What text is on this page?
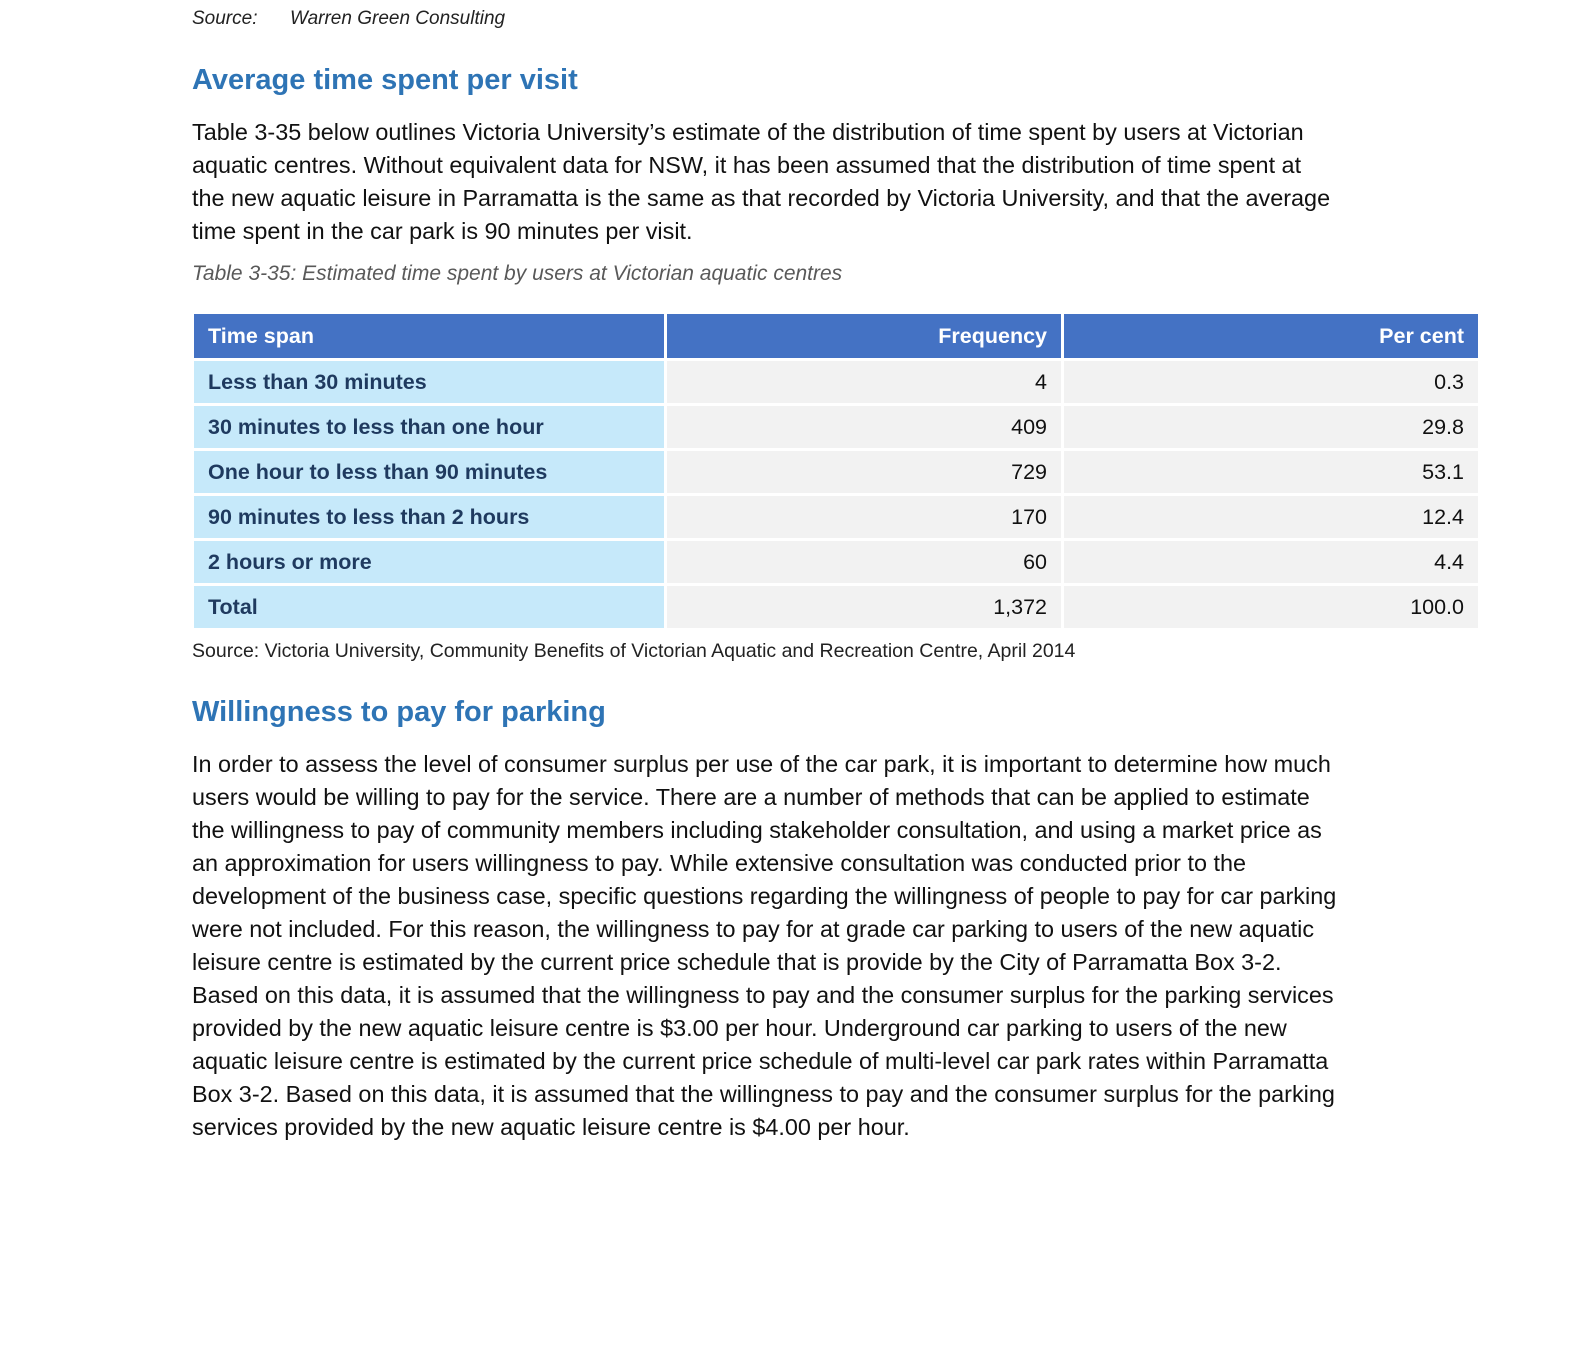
Source: Warren Green Consulting
Average time spent per visit
Table 3-35 below outlines Victoria University’s estimate of the distribution of time spent by users at Victorian
aquatic centres. Without equivalent data for NSW, it has been assumed that the distribution of time spent at
the new aquatic leisure in Parramatta is the same as that recorded by Victoria University, and that the average
time spent in the car park is 90 minutes per visit.
Table 3-35: Estimated time spent by users at Victorian aquatic centres
Time span	Frequency	Per cent
Less than 30 minutes	4	0.3
30 minutes to less than one hour	409	29.8
One hour to less than 90 minutes	729	53.1
90 minutes to less than 2 hours	170	12.4
2 hours or more	60	4.4
Total	1,372	100.0
Source: Victoria University, Community Benefits of Victorian Aquatic and Recreation Centre, April 2014
Willingness to pay for parking
In order to assess the level of consumer surplus per use of the car park, it is important to determine how much
users would be willing to pay for the service. There are a number of methods that can be applied to estimate
the willingness to pay of community members including stakeholder consultation, and using a market price as
an approximation for users willingness to pay. While extensive consultation was conducted prior to the
development of the business case, specific questions regarding the willingness of people to pay for car parking
were not included. For this reason, the willingness to pay for at grade car parking to users of the new aquatic
leisure centre is estimated by the current price schedule that is provide by the City of Parramatta Box 3-2.
Based on this data, it is assumed that the willingness to pay and the consumer surplus for the parking services
provided by the new aquatic leisure centre is $3.00 per hour. Underground car parking to users of the new
aquatic leisure centre is estimated by the current price schedule of multi-level car park rates within Parramatta
Box 3-2. Based on this data, it is assumed that the willingness to pay and the consumer surplus for the parking
services provided by the new aquatic leisure centre is $4.00 per hour.
